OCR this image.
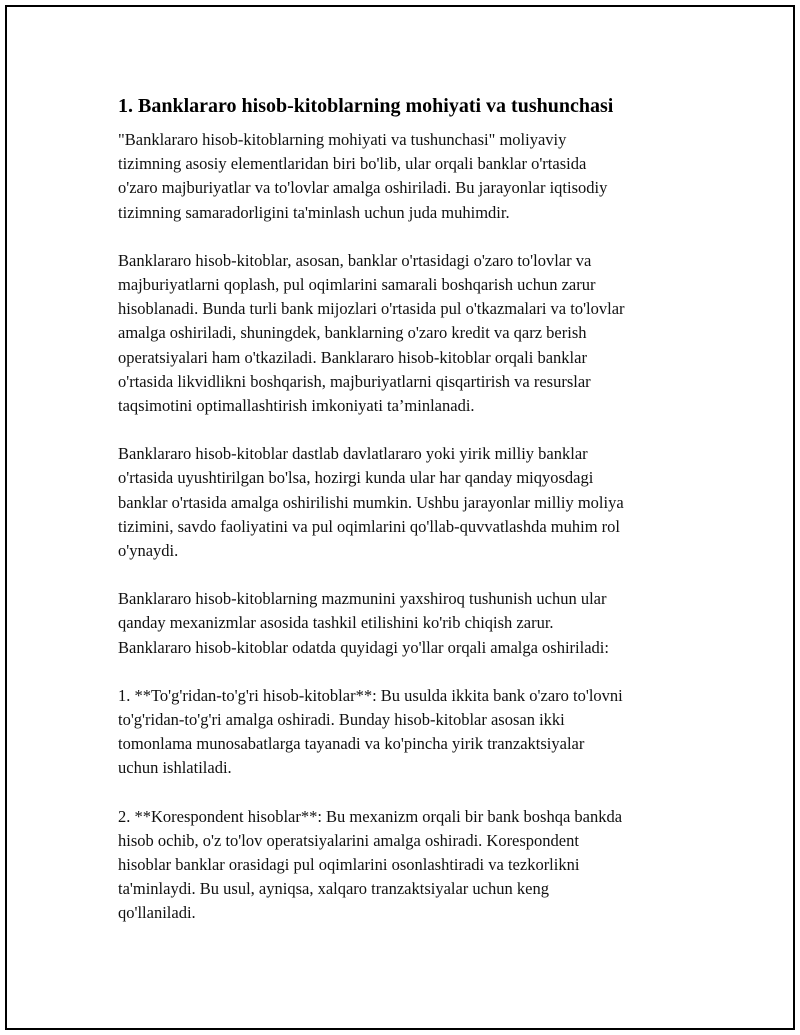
1. Banklararo hisob-kitoblarning mohiyati va tushunchasi

"Banklararo hisob-kitoblarning mohiyati va tushunchasi" moliyaviy
tizimning asosiy elementlaridan biri bo'lib, ular orqali banklar o'rtasida
o'zaro majburiyatlar va to'lovlar amalga oshiriladi. Bu jarayonlar iqtisodiy
tizimning samaradorligini ta'minlash uchun juda muhimdir.

Banklararo hisob-kitoblar, asosan, banklar o'rtasidagi o'zaro to'lovlar va
majburiyatlarni qoplash, pul oqimlarini samarali boshqarish uchun zarur
hisoblanadi. Bunda turli bank mijozlari o'rtasida pul o'tkazmalari va to'lovlar
amalga oshiriladi, shuningdek, banklarning o'zaro kredit va qarz berish
operatsiyalari ham o'tkaziladi. Banklararo hisob-kitoblar orqali banklar
o'rtasida likvidlikni boshqarish, majburiyatlarni qisqartirish va resurslar
taqsimotini optimallashtirish imkoniyati ta’minlanadi.

Banklararo hisob-kitoblar dastlab davlatlararo yoki yirik milliy banklar
o'rtasida uyushtirilgan bo'lsa, hozirgi kunda ular har qanday miqyosdagi
banklar o'rtasida amalga oshirilishi mumkin. Ushbu jarayonlar milliy moliya
tizimini, savdo faoliyatini va pul oqimlarini qo'llab-quvvatlashda muhim rol
o'ynaydi.

Banklararo hisob-kitoblarning mazmunini yaxshiroq tushunish uchun ular
qanday mexanizmlar asosida tashkil etilishini ko'rib chiqish zarur.
Banklararo hisob-kitoblar odatda quyidagi yo'llar orqali amalga oshiriladi:

1. **To'g'ridan-to'g'ri hisob-kitoblar**: Bu usulda ikkita bank o'zaro to'lovni
to'g'ridan-to'g'ri amalga oshiradi. Bunday hisob-kitoblar asosan ikki
tomonlama munosabatlarga tayanadi va ko'pincha yirik tranzaktsiyalar
uchun ishlatiladi.

2. **Korespondent hisoblar**: Bu mexanizm orqali bir bank boshqa bankda
hisob ochib, o'z to'lov operatsiyalarini amalga oshiradi. Korespondent
hisoblar banklar orasidagi pul oqimlarini osonlashtiradi va tezkorlikni
ta'minlaydi. Bu usul, ayniqsa, xalqaro tranzaktsiyalar uchun keng
qo'llaniladi.
